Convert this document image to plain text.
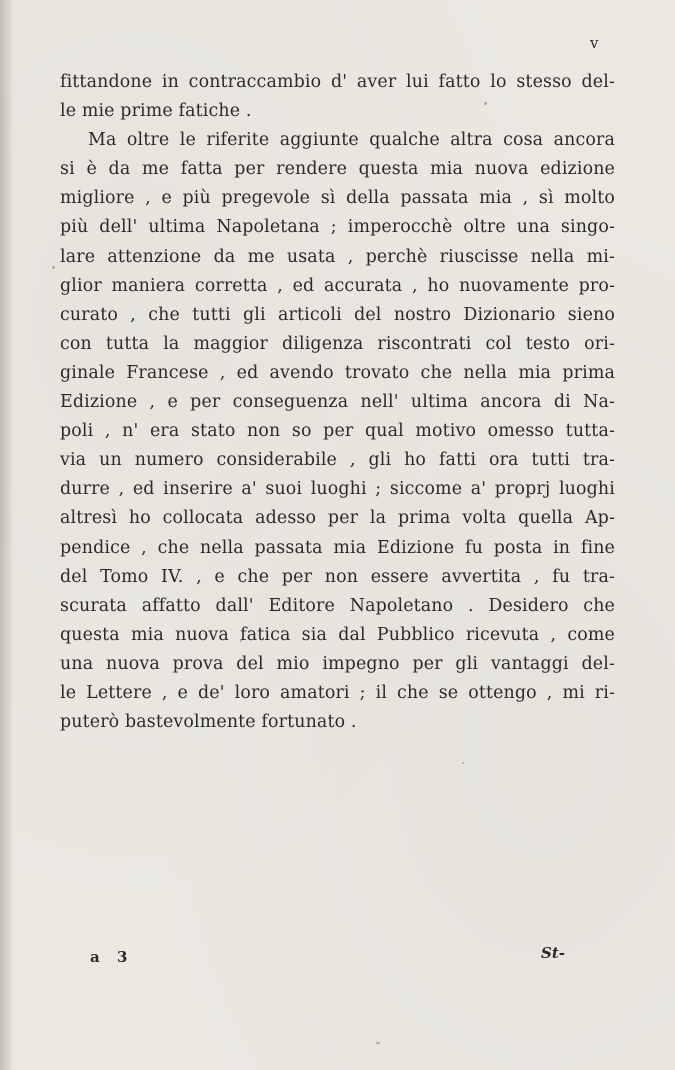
v
fittandone in contraccambio d' aver lui fatto lo stesso del-
le mie prime fatiche .
Ma oltre le riferite aggiunte qualche altra cosa ancora
si è da me fatta per rendere questa mia nuova edizione
migliore , e più pregevole sì della passata mia , sì molto
più dell' ultima Napoletana ; imperocchè oltre una singo-
lare attenzione da me usata , perchè riuscisse nella mi-
glior maniera corretta , ed accurata , ho nuovamente pro-
curato , che tutti gli articoli del nostro Dizionario sieno
con tutta la maggior diligenza riscontrati col testo ori-
ginale Francese , ed avendo trovato che nella mia prima
Edizione , e per conseguenza nell' ultima ancora di Na-
poli , n' era stato non so per qual motivo omesso tutta-
via un numero considerabile , gli ho fatti ora tutti tra-
durre , ed inserire a' suoi luoghi ; siccome a' proprj luoghi
altresì ho collocata adesso per la prima volta quella Ap-
pendice , che nella passata mia Edizione fu posta in fine
del Tomo IV. , e che per non essere avvertita , fu tra-
scurata affatto dall' Editore Napoletano . Desidero che
questa mia nuova fatica sia dal Pubblico ricevuta , come
una nuova prova del mio impegno per gli vantaggi del-
le Lettere , e de' loro amatori ; il che se ottengo , mi ri-
puterò bastevolmente fortunato .
a 3	St-
